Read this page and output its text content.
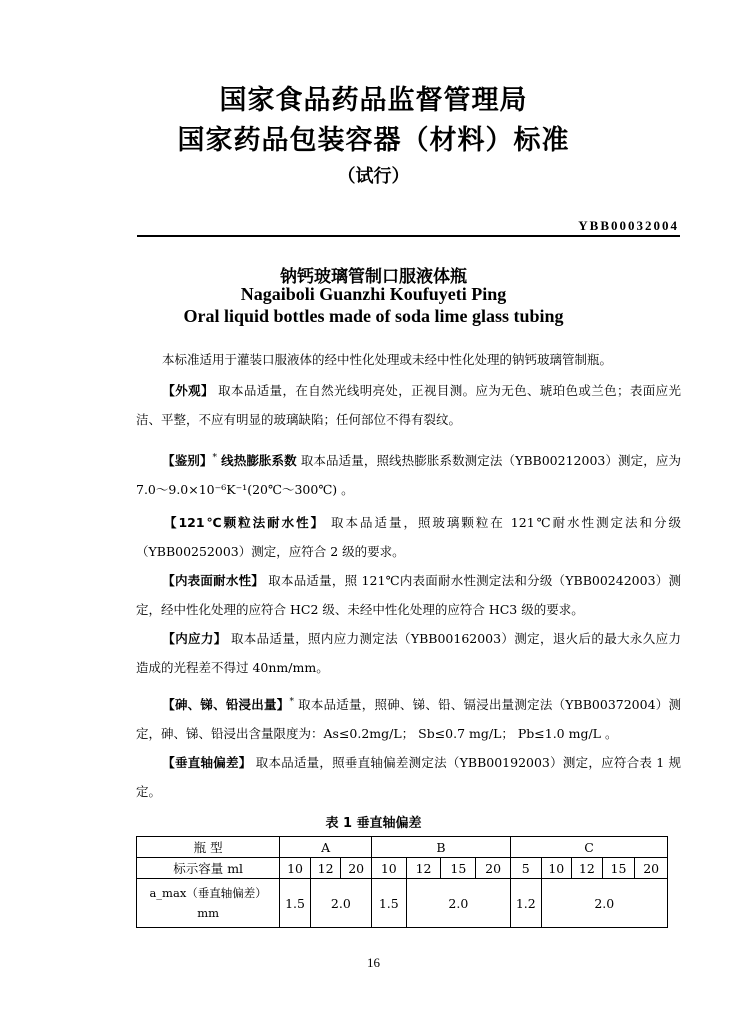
国家食品药品监督管理局
国家药品包装容器（材料）标准
（试行）
YBB00032004
钠钙玻璃管制口服液体瓶
Nagaiboli Guanzhi Koufuyeti Ping
Oral liquid bottles made of soda lime glass tubing
本标准适用于灌装口服液体的经中性化处理或未经中性化处理的钠钙玻璃管制瓶。
【外观】 取本品适量，在自然光线明亮处，正视目测。应为无色、琥珀色或兰色；表面应光洁、平整，不应有明显的玻璃缺陷；任何部位不得有裂纹。
【鉴别】* 线热膨胀系数 取本品适量，照线热膨胀系数测定法（YBB00212003）测定，应为 7.0～9.0×10⁻⁶K⁻¹(20℃～300℃) 。
【121℃颗粒法耐水性】 取本品适量，照玻璃颗粒在 121℃耐水性测定法和分级（YBB00252003）测定，应符合 2 级的要求。
【内表面耐水性】 取本品适量，照 121℃内表面耐水性测定法和分级（YBB00242003）测定，经中性化处理的应符合 HC2 级、未经中性化处理的应符合 HC3 级的要求。
【内应力】 取本品适量，照内应力测定法（YBB00162003）测定，退火后的最大永久应力造成的光程差不得过 40nm/mm。
【砷、锑、铅浸出量】* 取本品适量，照砷、锑、铅、镉浸出量测定法（YBB00372004）测定，砷、锑、铅浸出含量限度为：As≤0.2mg/L； Sb≤0.7 mg/L； Pb≤1.0 mg/L 。
【垂直轴偏差】 取本品适量，照垂直轴偏差测定法（YBB00192003）测定，应符合表 1 规定。
表 1 垂直轴偏差
瓶 型	A			B				C				
标示容量 ml	10	12	20	10	12	15	20	5	10	12	15	20

a_max（垂直轴偏差）
mm	1.5	2.0		1.5	2.0			1.2	2.0			
16
